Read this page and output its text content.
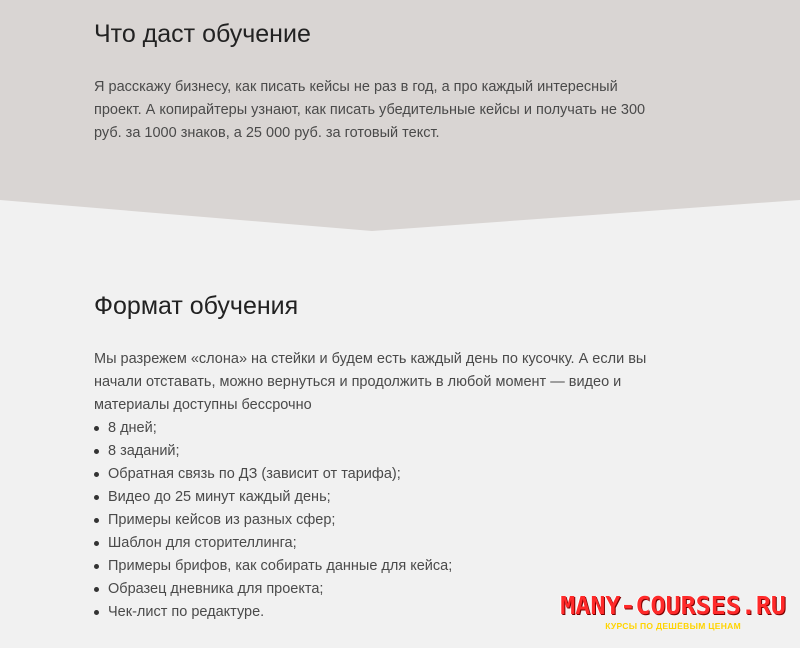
Что даст обучение

Я расскажу бизнесу, как писать кейсы не раз в год, а про каждый интересный проект. А копирайтеры узнают, как писать убедительные кейсы и получать не 300 руб. за 1000 знаков, а 25 000 руб. за готовый текст.

Формат обучения

Мы разрежем «слона» на стейки и будем есть каждый день по кусочку. А если вы начали отставать, можно вернуться и продолжить в любой момент — видео и материалы доступны бессрочно

8 дней;
8 заданий;
Обратная связь по ДЗ (зависит от тарифа);
Видео до 25 минут каждый день;
Примеры кейсов из разных сфер;
Шаблон для сторителлинга;
Примеры брифов, как собирать данные для кейса;
Образец дневника для проекта;
Чек-лист по редактуре.	MANY-COURSES.RU
КУРСЫ ПО ДЕШЁВЫМ ЦЕНАМ
